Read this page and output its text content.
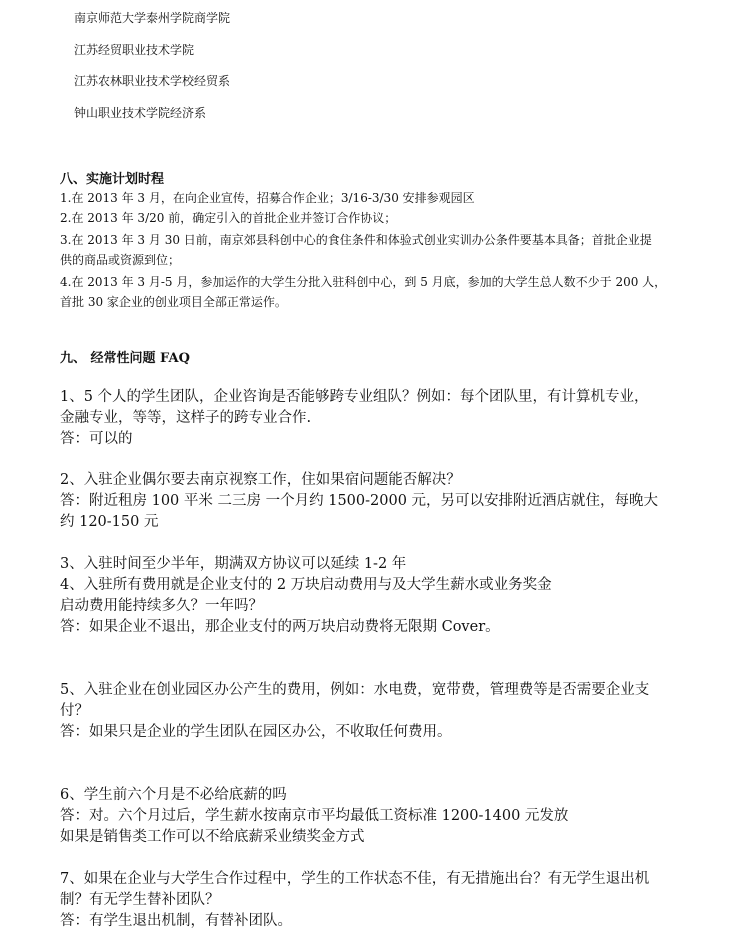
南京师范大学泰州学院商学院
江苏经贸职业技术学院
江苏农林职业技术学校经贸系
钟山职业技术学院经济系
八、实施计划时程
1.在 2013 年 3 月，在向企业宣传，招募合作企业；3/16-3/30 安排参观园区
2.在 2013 年 3/20 前，确定引入的首批企业并签订合作协议；
3.在 2013 年 3 月 30 日前，南京郊县科创中心的食住条件和体验式创业实训办公条件要基本具备；首批企业提
供的商品或资源到位；
4.在 2013 年 3 月-5 月，参加运作的大学生分批入驻科创中心，到 5 月底，参加的大学生总人数不少于 200 人，
首批 30 家企业的创业项目全部正常运作。
九、 经常性问题 FAQ
1、5 个人的学生团队，企业咨询是否能够跨专业组队？例如：每个团队里，有计算机专业，
金融专业，等等，这样子的跨专业合作.
答：可以的
2、入驻企业偶尔要去南京视察工作，住如果宿问题能否解决？
答：附近租房 100 平米 二三房 一个月约 1500-2000 元，另可以安排附近酒店就住，每晚大
约 120-150 元
3、入驻时间至少半年，期满双方协议可以延续 1-2 年
4、入驻所有费用就是企业支付的 2 万块启动费用与及大学生薪水或业务奖金
启动费用能持续多久？一年吗？
答：如果企业不退出，那企业支付的两万块启动费将无限期 Cover。
5、入驻企业在创业园区办公产生的费用，例如：水电费，宽带费，管理费等是否需要企业支
付？
答：如果只是企业的学生团队在园区办公，不收取任何费用。
6、学生前六个月是不必给底薪的吗
答：对。六个月过后，学生薪水按南京市平均最低工资标准 1200-1400 元发放
如果是销售类工作可以不给底薪采业绩奖金方式
7、如果在企业与大学生合作过程中，学生的工作状态不佳，有无措施出台？有无学生退出机
制？有无学生替补团队？
答：有学生退出机制，有替补团队。
